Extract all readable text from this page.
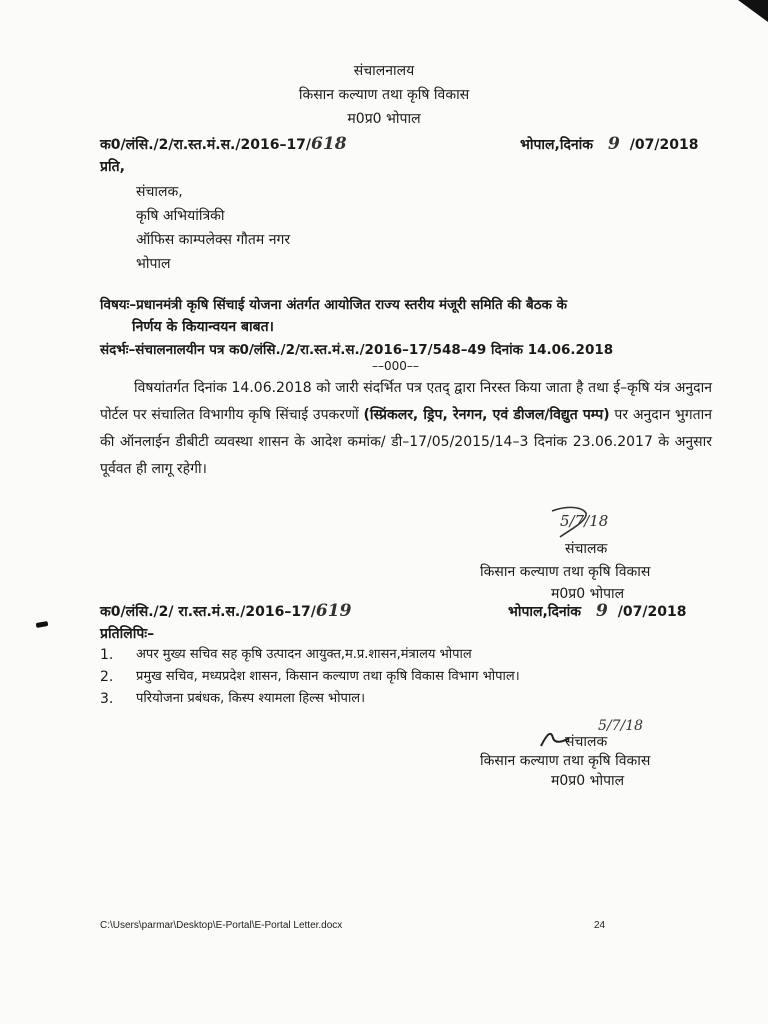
संचालनालय
किसान कल्याण तथा कृषि विकास
म0प्र0 भोपाल
क0/लंसि./2/रा.स्त.मं.स./2016–17/618	भोपाल,दिनांक 9 /07/2018
प्रति,
संचालक,
कृषि अभियांत्रिकी
ऑफिस काम्पलेक्स गौतम नगर
भोपाल
विषयः–प्रधानमंत्री कृषि सिंचाई योजना अंतर्गत आयोजित राज्य स्तरीय मंजूरी समिति की बैठक के
निर्णय के कियान्वयन बाबत।
संदर्भः–संचालनालयीन पत्र क0/लंसि./2/रा.स्त.मं.स./2016–17/548–49 दिनांक 14.06.2018
––000––
विषयांतर्गत दिनांक 14.06.2018 को जारी संदर्भित पत्र एतद् द्वारा निरस्त किया जाता है तथा ई–कृषि यंत्र अनुदान पोर्टल पर संचालित विभागीय कृषि सिंचाई उपकरणों (स्प्रिंकलर, ड्रिप, रेनगन, एवं डीजल/विद्युत पम्प) पर अनुदान भुगतान की ऑनलाईन डीबीटी व्यवस्था शासन के आदेश कमांक/ डी–17/05/2015/14–3 दिनांक 23.06.2017 के अनुसार पूर्ववत ही लागू रहेगी।
5/7/18
संचालक
किसान कल्याण तथा कृषि विकास
म0प्र0 भोपाल
क0/लंसि./2/ रा.स्त.मं.स./2016–17/619	भोपाल,दिनांक 9 /07/2018
प्रतिलिपिः–
1. अपर मुख्य सचिव सह कृषि उत्पादन आयुक्त,म.प्र.शासन,मंत्रालय भोपाल
2. प्रमुख सचिव, मध्यप्रदेश शासन, किसान कल्याण तथा कृषि विकास विभाग भोपाल।
3. परियोजना प्रबंधक, किस्प श्यामला हिल्स भोपाल।
5/7/18
संचालक
किसान कल्याण तथा कृषि विकास
म0प्र0 भोपाल
C:\Users\parmar\Desktop\E-Portal\E-Portal Letter.docx	24
